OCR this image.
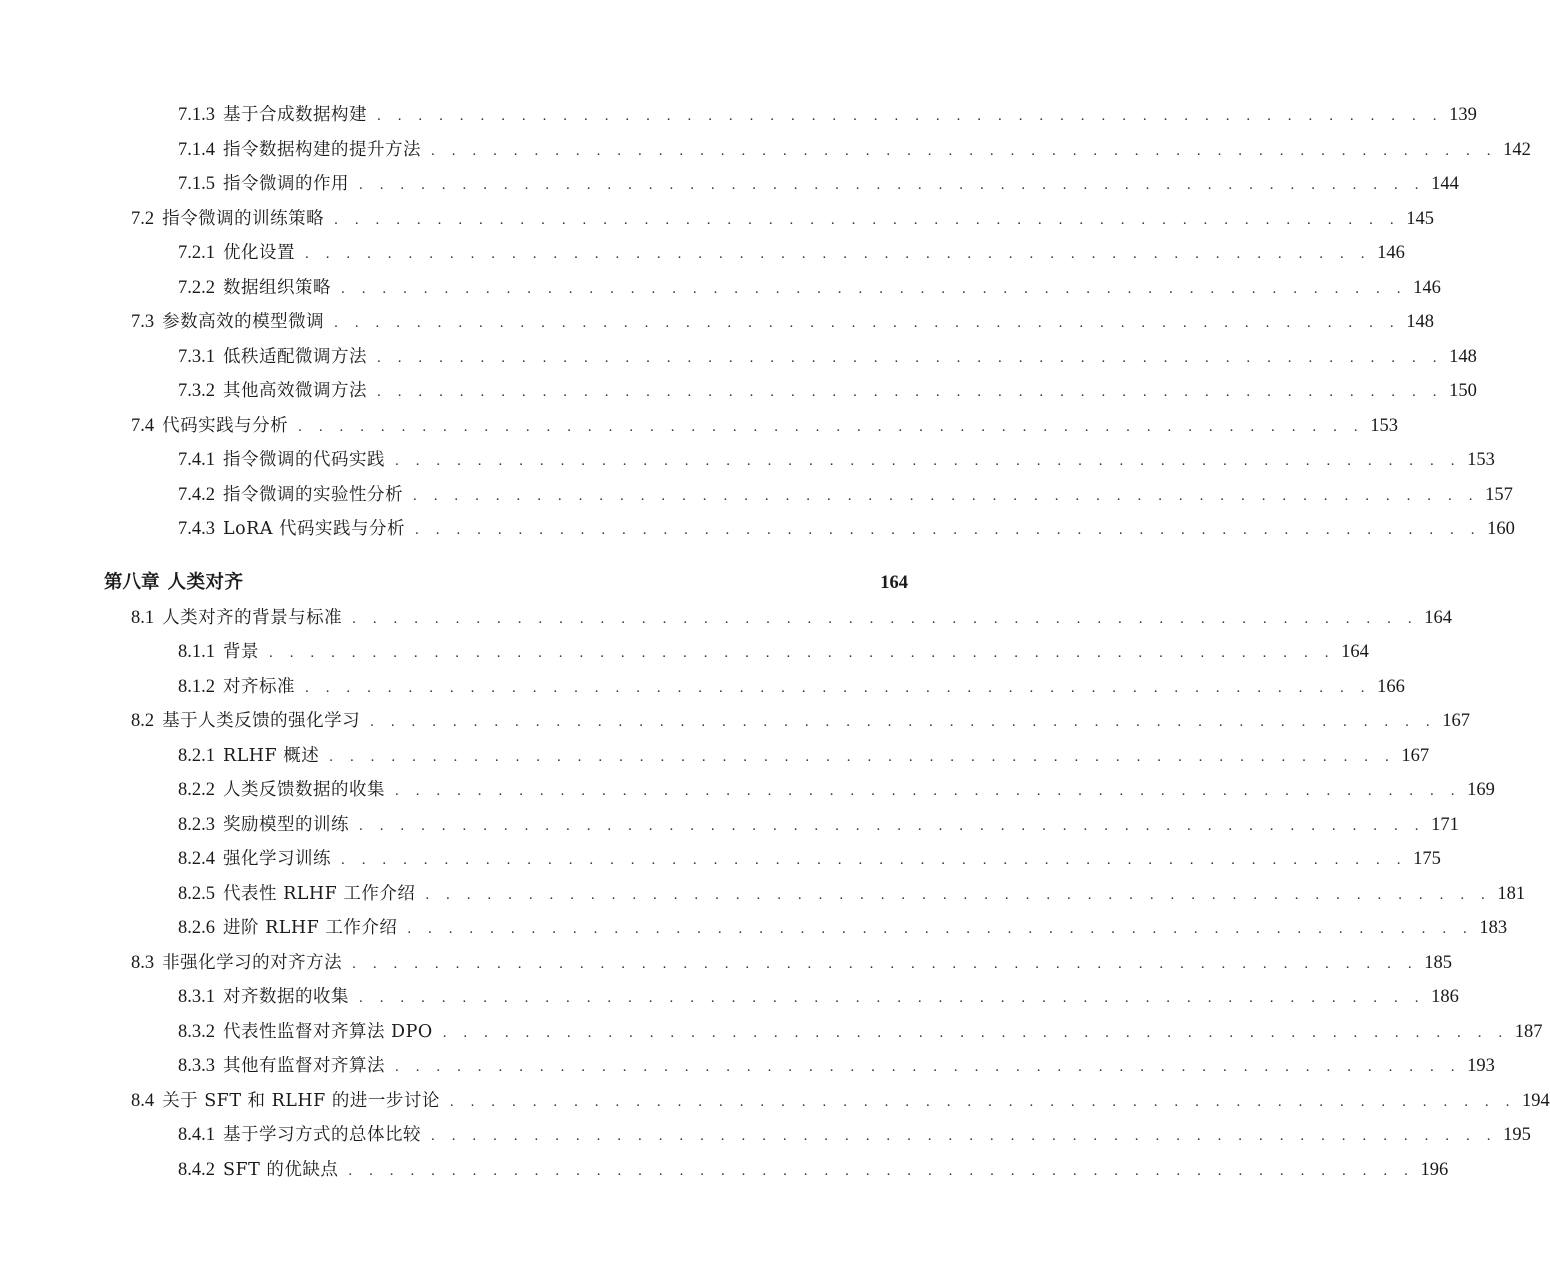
7.1.3 基于合成数据构建 . . . . . . . . . . . . . . . . . . . . . . . . . . . . . . . . . . . . . . . . . . . . . . . . . . . . 139
7.1.4 指令数据构建的提升方法 . . . . . . . . . . . . . . . . . . . . . . . . . . . . . . . . . . . . . . . . . . . . . . . . . . . . 142
7.1.5 指令微调的作用 . . . . . . . . . . . . . . . . . . . . . . . . . . . . . . . . . . . . . . . . . . . . . . . . . . . . 144
7.2 指令微调的训练策略 . . . . . . . . . . . . . . . . . . . . . . . . . . . . . . . . . . . . . . . . . . . . . . . . . . . . 145
7.2.1 优化设置 . . . . . . . . . . . . . . . . . . . . . . . . . . . . . . . . . . . . . . . . . . . . . . . . . . . . 146
7.2.2 数据组织策略 . . . . . . . . . . . . . . . . . . . . . . . . . . . . . . . . . . . . . . . . . . . . . . . . . . . . 146
7.3 参数高效的模型微调 . . . . . . . . . . . . . . . . . . . . . . . . . . . . . . . . . . . . . . . . . . . . . . . . . . . . 148
7.3.1 低秩适配微调方法 . . . . . . . . . . . . . . . . . . . . . . . . . . . . . . . . . . . . . . . . . . . . . . . . . . . . 148
7.3.2 其他高效微调方法 . . . . . . . . . . . . . . . . . . . . . . . . . . . . . . . . . . . . . . . . . . . . . . . . . . . . 150
7.4 代码实践与分析 . . . . . . . . . . . . . . . . . . . . . . . . . . . . . . . . . . . . . . . . . . . . . . . . . . . . 153
7.4.1 指令微调的代码实践 . . . . . . . . . . . . . . . . . . . . . . . . . . . . . . . . . . . . . . . . . . . . . . . . . . . . 153
7.4.2 指令微调的实验性分析 . . . . . . . . . . . . . . . . . . . . . . . . . . . . . . . . . . . . . . . . . . . . . . . . . . . . 157
7.4.3 LoRA 代码实践与分析 . . . . . . . . . . . . . . . . . . . . . . . . . . . . . . . . . . . . . . . . . . . . . . . . . . . . 160
第八章 人类对齐	164
8.1 人类对齐的背景与标准 . . . . . . . . . . . . . . . . . . . . . . . . . . . . . . . . . . . . . . . . . . . . . . . . . . . . 164
8.1.1 背景 . . . . . . . . . . . . . . . . . . . . . . . . . . . . . . . . . . . . . . . . . . . . . . . . . . . . 164
8.1.2 对齐标准 . . . . . . . . . . . . . . . . . . . . . . . . . . . . . . . . . . . . . . . . . . . . . . . . . . . . 166
8.2 基于人类反馈的强化学习 . . . . . . . . . . . . . . . . . . . . . . . . . . . . . . . . . . . . . . . . . . . . . . . . . . . . 167
8.2.1 RLHF 概述 . . . . . . . . . . . . . . . . . . . . . . . . . . . . . . . . . . . . . . . . . . . . . . . . . . . . 167
8.2.2 人类反馈数据的收集 . . . . . . . . . . . . . . . . . . . . . . . . . . . . . . . . . . . . . . . . . . . . . . . . . . . . 169
8.2.3 奖励模型的训练 . . . . . . . . . . . . . . . . . . . . . . . . . . . . . . . . . . . . . . . . . . . . . . . . . . . . 171
8.2.4 强化学习训练 . . . . . . . . . . . . . . . . . . . . . . . . . . . . . . . . . . . . . . . . . . . . . . . . . . . . 175
8.2.5 代表性 RLHF 工作介绍 . . . . . . . . . . . . . . . . . . . . . . . . . . . . . . . . . . . . . . . . . . . . . . . . . . . . 181
8.2.6 进阶 RLHF 工作介绍 . . . . . . . . . . . . . . . . . . . . . . . . . . . . . . . . . . . . . . . . . . . . . . . . . . . . 183
8.3 非强化学习的对齐方法 . . . . . . . . . . . . . . . . . . . . . . . . . . . . . . . . . . . . . . . . . . . . . . . . . . . . 185
8.3.1 对齐数据的收集 . . . . . . . . . . . . . . . . . . . . . . . . . . . . . . . . . . . . . . . . . . . . . . . . . . . . 186
8.3.2 代表性监督对齐算法 DPO . . . . . . . . . . . . . . . . . . . . . . . . . . . . . . . . . . . . . . . . . . . . . . . . . . . . 187
8.3.3 其他有监督对齐算法 . . . . . . . . . . . . . . . . . . . . . . . . . . . . . . . . . . . . . . . . . . . . . . . . . . . . 193
8.4 关于 SFT 和 RLHF 的进一步讨论 . . . . . . . . . . . . . . . . . . . . . . . . . . . . . . . . . . . . . . . . . . . . . . . . . . . . 194
8.4.1 基于学习方式的总体比较 . . . . . . . . . . . . . . . . . . . . . . . . . . . . . . . . . . . . . . . . . . . . . . . . . . . . 195
8.4.2 SFT 的优缺点 . . . . . . . . . . . . . . . . . . . . . . . . . . . . . . . . . . . . . . . . . . . . . . . . . . . . 196
